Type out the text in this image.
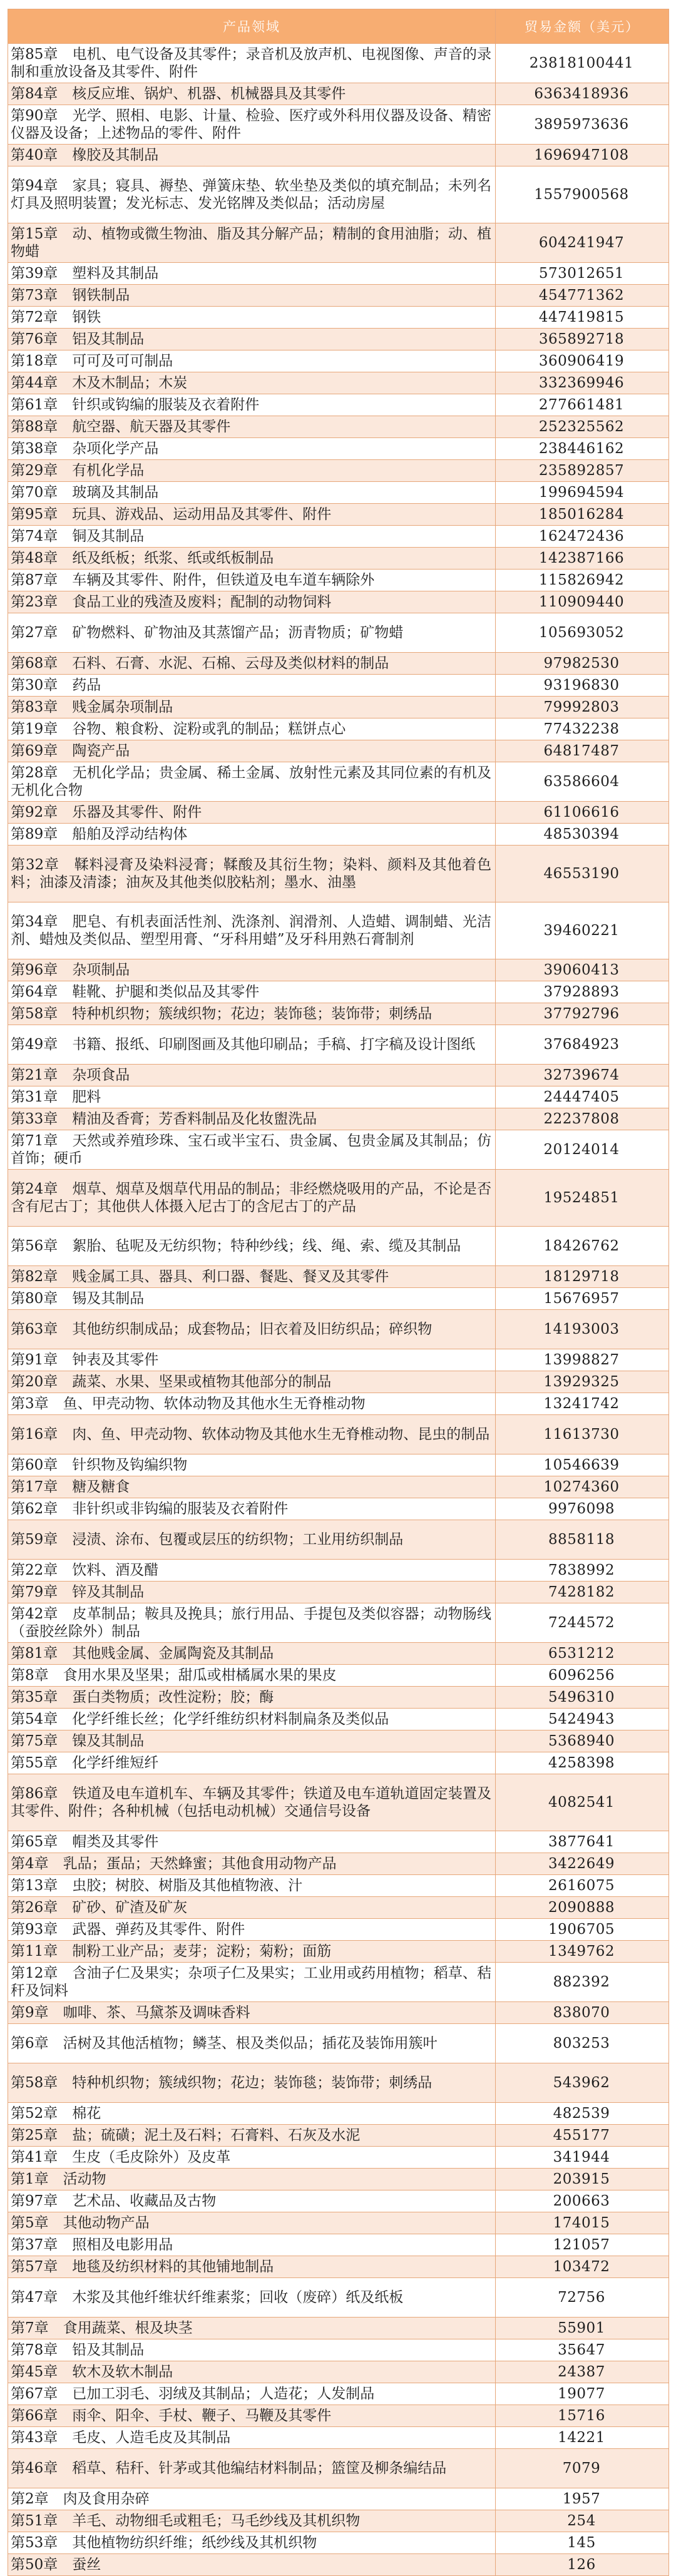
产品领域	贸易金额（美元）
第85章　电机、电气设备及其零件；录音机及放声机、电视图像、声音的录制和重放设备及其零件、附件	23818100441
第84章　核反应堆、锅炉、机器、机械器具及其零件	6363418936
第90章　光学、照相、电影、计量、检验、医疗或外科用仪器及设备、精密仪器及设备；上述物品的零件、附件	3895973636
第40章　橡胶及其制品	1696947108
第94章　家具；寝具、褥垫、弹簧床垫、软坐垫及类似的填充制品；未列名灯具及照明装置；发光标志、发光铭牌及类似品；活动房屋	1557900568
第15章　动、植物或微生物油、脂及其分解产品；精制的食用油脂；动、植物蜡	604241947
第39章　塑料及其制品	573012651
第73章　钢铁制品	454771362
第72章　钢铁	447419815
第76章　铝及其制品	365892718
第18章　可可及可可制品	360906419
第44章　木及木制品；木炭	332369946
第61章　针织或钩编的服装及衣着附件	277661481
第88章　航空器、航天器及其零件	252325562
第38章　杂项化学产品	238446162
第29章　有机化学品	235892857
第70章　玻璃及其制品	199694594
第95章　玩具、游戏品、运动用品及其零件、附件	185016284
第74章　铜及其制品	162472436
第48章　纸及纸板；纸浆、纸或纸板制品	142387166
第87章　车辆及其零件、附件，但铁道及电车道车辆除外	115826942
第23章　食品工业的残渣及废料；配制的动物饲料	110909440
第27章　矿物燃料、矿物油及其蒸馏产品；沥青物质；矿物蜡	105693052
第68章　石料、石膏、水泥、石棉、云母及类似材料的制品	97982530
第30章　药品	93196830
第83章　贱金属杂项制品	79992803
第19章　谷物、粮食粉、淀粉或乳的制品；糕饼点心	77432238
第69章　陶瓷产品	64817487
第28章　无机化学品；贵金属、稀土金属、放射性元素及其同位素的有机及无机化合物	63586604
第92章　乐器及其零件、附件	61106616
第89章　船舶及浮动结构体	48530394
第32章　鞣料浸膏及染料浸膏；鞣酸及其衍生物；染料、颜料及其他着色料；油漆及清漆；油灰及其他类似胶粘剂；墨水、油墨	46553190
第34章　肥皂、有机表面活性剂、洗涤剂、润滑剂、人造蜡、调制蜡、光洁剂、蜡烛及类似品、塑型用膏、“牙科用蜡”及牙科用熟石膏制剂	39460221
第96章　杂项制品	39060413
第64章　鞋靴、护腿和类似品及其零件	37928893
第58章　特种机织物；簇绒织物；花边；装饰毯；装饰带；刺绣品	37792796
第49章　书籍、报纸、印刷图画及其他印刷品；手稿、打字稿及设计图纸	37684923
第21章　杂项食品	32739674
第31章　肥料	24447405
第33章　精油及香膏；芳香料制品及化妆盥洗品	22237808
第71章　天然或养殖珍珠、宝石或半宝石、贵金属、包贵金属及其制品；仿首饰；硬币	20124014
第24章　烟草、烟草及烟草代用品的制品；非经燃烧吸用的产品，不论是否含有尼古丁；其他供人体摄入尼古丁的含尼古丁的产品	19524851
第56章　絮胎、毡呢及无纺织物；特种纱线；线、绳、索、缆及其制品	18426762
第82章　贱金属工具、器具、利口器、餐匙、餐叉及其零件	18129718
第80章　锡及其制品	15676957
第63章　其他纺织制成品；成套物品；旧衣着及旧纺织品；碎织物	14193003
第91章　钟表及其零件	13998827
第20章　蔬菜、水果、坚果或植物其他部分的制品	13929325
第3章　鱼、甲壳动物、软体动物及其他水生无脊椎动物	13241742
第16章　肉、鱼、甲壳动物、软体动物及其他水生无脊椎动物、昆虫的制品	11613730
第60章　针织物及钩编织物	10546639
第17章　糖及糖食	10274360
第62章　非针织或非钩编的服装及衣着附件	9976098
第59章　浸渍、涂布、包覆或层压的纺织物；工业用纺织制品	8858118
第22章　饮料、酒及醋	7838992
第79章　锌及其制品	7428182
第42章　皮革制品；鞍具及挽具；旅行用品、手提包及类似容器；动物肠线（蚕胶丝除外）制品	7244572
第81章　其他贱金属、金属陶瓷及其制品	6531212
第8章　食用水果及坚果；甜瓜或柑橘属水果的果皮	6096256
第35章　蛋白类物质；改性淀粉；胶；酶	5496310
第54章　化学纤维长丝；化学纤维纺织材料制扁条及类似品	5424943
第75章　镍及其制品	5368940
第55章　化学纤维短纤	4258398
第86章　铁道及电车道机车、车辆及其零件；铁道及电车道轨道固定装置及其零件、附件；各种机械（包括电动机械）交通信号设备	4082541
第65章　帽类及其零件	3877641
第4章　乳品；蛋品；天然蜂蜜；其他食用动物产品	3422649
第13章　虫胶；树胶、树脂及其他植物液、汁	2616075
第26章　矿砂、矿渣及矿灰	2090888
第93章　武器、弹药及其零件、附件	1906705
第11章　制粉工业产品；麦芽；淀粉；菊粉；面筋	1349762
第12章　含油子仁及果实；杂项子仁及果实；工业用或药用植物；稻草、秸秆及饲料	882392
第9章　咖啡、茶、马黛茶及调味香料	838070
第6章　活树及其他活植物；鳞茎、根及类似品；插花及装饰用簇叶	803253
第58章　特种机织物；簇绒织物；花边；装饰毯；装饰带；刺绣品	543962
第52章　棉花	482539
第25章　盐；硫磺；泥土及石料；石膏料、石灰及水泥	455177
第41章　生皮（毛皮除外）及皮革	341944
第1章　活动物	203915
第97章　艺术品、收藏品及古物	200663
第5章　其他动物产品	174015
第37章　照相及电影用品	121057
第57章　地毯及纺织材料的其他铺地制品	103472
第47章　木浆及其他纤维状纤维素浆；回收（废碎）纸及纸板	72756
第7章　食用蔬菜、根及块茎	55901
第78章　铅及其制品	35647
第45章　软木及软木制品	24387
第67章　已加工羽毛、羽绒及其制品；人造花；人发制品	19077
第66章　雨伞、阳伞、手杖、鞭子、马鞭及其零件	15716
第43章　毛皮、人造毛皮及其制品	14221
第46章　稻草、秸秆、针茅或其他编结材料制品；篮筐及柳条编结品	7079
第2章　肉及食用杂碎	1957
第51章　羊毛、动物细毛或粗毛；马毛纱线及其机织物	254
第53章　其他植物纺织纤维；纸纱线及其机织物	145
第50章　蚕丝	126
